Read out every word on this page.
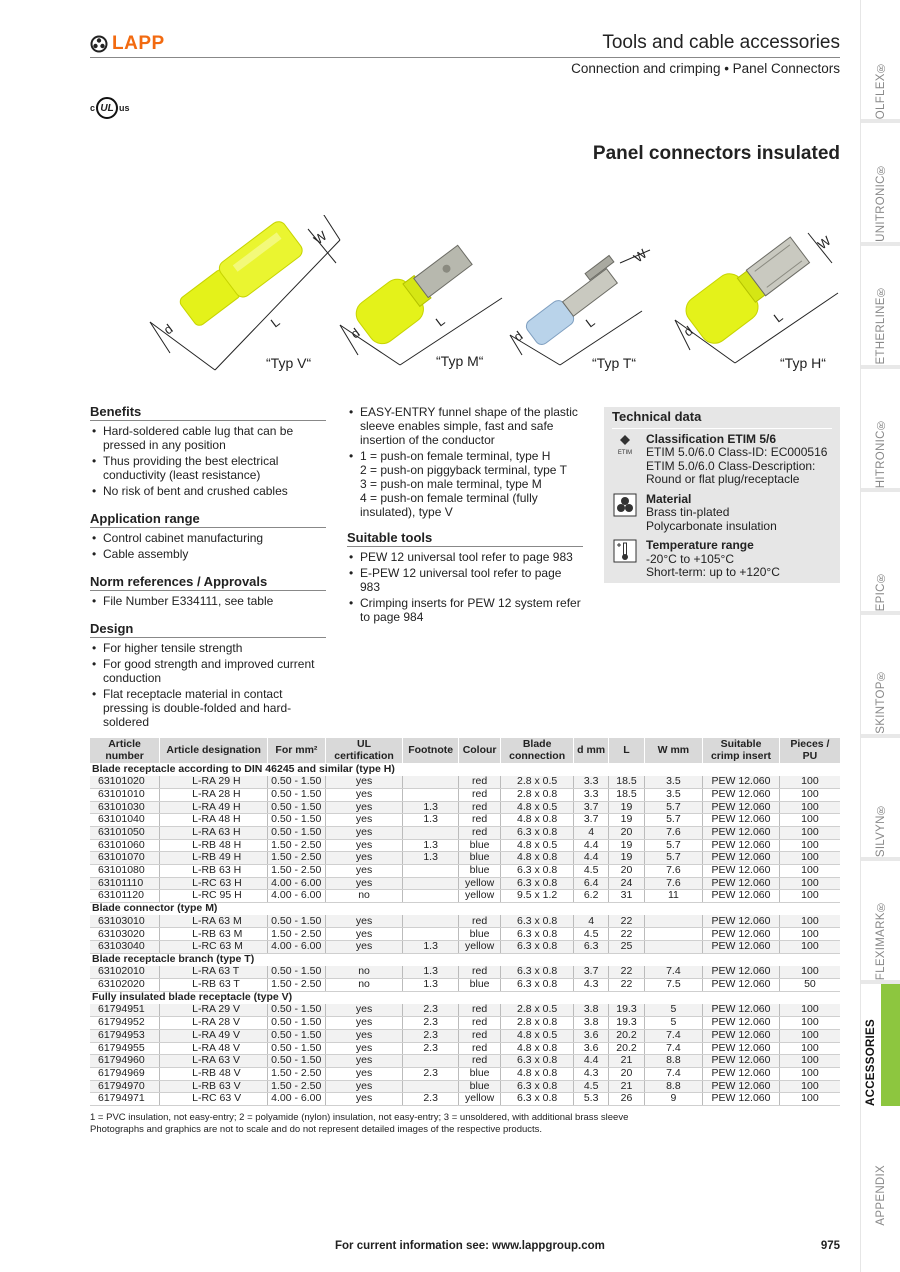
LAPP	Tools and cable accessories
Connection and crimping • Panel Connectors
c UL us
Panel connectors insulated
L
d
W
L
d
L
d
W
L
d
W
“Typ V“	“Typ M“	“Typ T“	“Typ H“
Benefits
• Hard-soldered cable lug that can be pressed in any position
• Thus providing the best electrical conductivity (least resistance)
• No risk of bent and crushed cables
Application range
• Control cabinet manufacturing
• Cable assembly
Norm references / Approvals
• File Number E334111, see table
Design
• For higher tensile strength
• For good strength and improved current conduction
• Flat receptacle material in contact pressing is double-folded and hard-soldered
• EASY-ENTRY funnel shape of the plastic sleeve enables simple, fast and safe insertion of the conductor
• 1 = push-on female terminal, type H
2 = push-on piggyback terminal, type T
3 = push-on male terminal, type M
4 = push-on female terminal (fully insulated), type V
Suitable tools
• PEW 12 universal tool refer to page 983
• E-PEW 12 universal tool refer to page 983
• Crimping inserts for PEW 12 system refer to page 984
Technical data
ETIM
Classification ETIM 5/6
ETIM 5.0/6.0 Class-ID: EC000516
ETIM 5.0/6.0 Class-Description: Round or flat plug/receptacle
Material
Brass tin-plated
Polycarbonate insulation
Temperature range
-20°C to +105°C
Short-term: up to +120°C
Article number	Article designation	For mm²	UL certification	Footnote	Colour	Blade connection	d mm	L	W mm	Suitable crimp insert	Pieces / PU
Blade receptacle according to DIN 46245 and similar (type H)											
63101020	L-RA 29 H	0.50 - 1.50	yes		red	2.8 x 0.5	3.3	18.5	3.5	PEW 12.060	100
63101010	L-RA 28 H	0.50 - 1.50	yes		red	2.8 x 0.8	3.3	18.5	3.5	PEW 12.060	100
63101030	L-RA 49 H	0.50 - 1.50	yes	1.3	red	4.8 x 0.5	3.7	19	5.7	PEW 12.060	100
63101040	L-RA 48 H	0.50 - 1.50	yes	1.3	red	4.8 x 0.8	3.7	19	5.7	PEW 12.060	100
63101050	L-RA 63 H	0.50 - 1.50	yes		red	6.3 x 0.8	4	20	7.6	PEW 12.060	100
63101060	L-RB 48 H	1.50 - 2.50	yes	1.3	blue	4.8 x 0.5	4.4	19	5.7	PEW 12.060	100
63101070	L-RB 49 H	1.50 - 2.50	yes	1.3	blue	4.8 x 0.8	4.4	19	5.7	PEW 12.060	100
63101080	L-RB 63 H	1.50 - 2.50	yes		blue	6.3 x 0.8	4.5	20	7.6	PEW 12.060	100
63101110	L-RC 63 H	4.00 - 6.00	yes		yellow	6.3 x 0.8	6.4	24	7.6	PEW 12.060	100
63101120	L-RC 95 H	4.00 - 6.00	no		yellow	9.5 x 1.2	6.2	31	11	PEW 12.060	100
Blade connector (type M)											
63103010	L-RA 63 M	0.50 - 1.50	yes		red	6.3 x 0.8	4	22		PEW 12.060	100
63103020	L-RB 63 M	1.50 - 2.50	yes		blue	6.3 x 0.8	4.5	22		PEW 12.060	100
63103040	L-RC 63 M	4.00 - 6.00	yes	1.3	yellow	6.3 x 0.8	6.3	25		PEW 12.060	100
Blade receptacle branch (type T)											
63102010	L-RA 63 T	0.50 - 1.50	no	1.3	red	6.3 x 0.8	3.7	22	7.4	PEW 12.060	100
63102020	L-RB 63 T	1.50 - 2.50	no	1.3	blue	6.3 x 0.8	4.3	22	7.5	PEW 12.060	50
Fully insulated blade receptacle (type V)											
61794951	L-RA 29 V	0.50 - 1.50	yes	2.3	red	2.8 x 0.5	3.8	19.3	5	PEW 12.060	100
61794952	L-RA 28 V	0.50 - 1.50	yes	2.3	red	2.8 x 0.8	3.8	19.3	5	PEW 12.060	100
61794953	L-RA 49 V	0.50 - 1.50	yes	2.3	red	4.8 x 0.5	3.6	20.2	7.4	PEW 12.060	100
61794955	L-RA 48 V	0.50 - 1.50	yes	2.3	red	4.8 x 0.8	3.6	20.2	7.4	PEW 12.060	100
61794960	L-RA 63 V	0.50 - 1.50	yes		red	6.3 x 0.8	4.4	21	8.8	PEW 12.060	100
61794969	L-RB 48 V	1.50 - 2.50	yes	2.3	blue	4.8 x 0.8	4.3	20	7.4	PEW 12.060	100
61794970	L-RB 63 V	1.50 - 2.50	yes		blue	6.3 x 0.8	4.5	21	8.8	PEW 12.060	100
61794971	L-RC 63 V	4.00 - 6.00	yes	2.3	yellow	6.3 x 0.8	5.3	26	9	PEW 12.060	100
1 = PVC insulation, not easy-entry; 2 = polyamide (nylon) insulation, not easy-entry; 3 = unsoldered, with additional brass sleeve
Photographs and graphics are not to scale and do not represent detailed images of the respective products.
For current information see: www.lappgroup.com	975
ÖLFLEX®
UNITRONIC®
ETHERLINE®
HITRONIC®
EPIC®
SKINTOP®
SILVYN®
FLEXIMARK®
ACCESSORIES
APPENDIX
